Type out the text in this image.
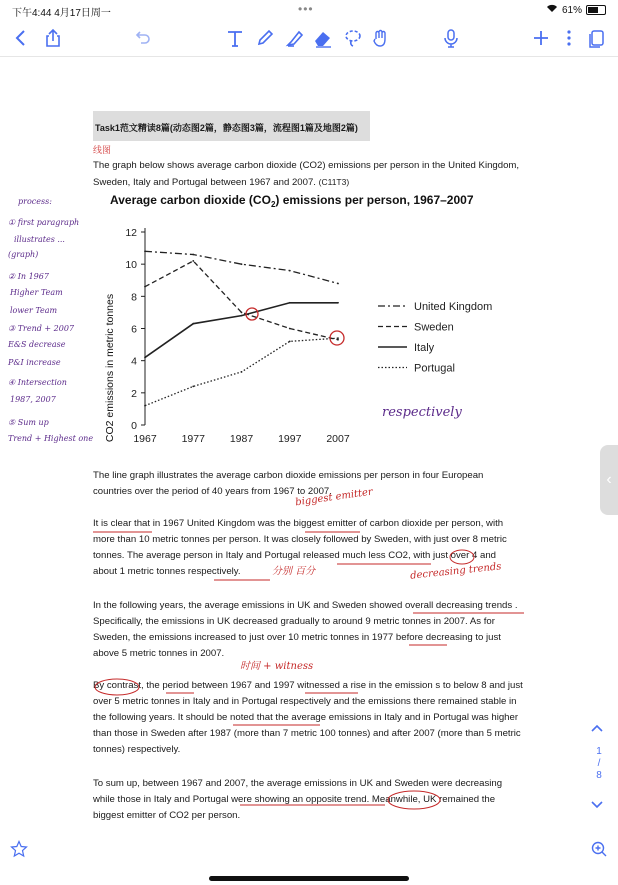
下午4:44 4月17日周一	•••	61%
Task1范文精读8篇(动态图2篇，静态图3篇，流程图1篇及地图2篇)
线图
The graph below shows average carbon dioxide (CO2) emissions per person in the United Kingdom, Sweden, Italy and Portugal between 1967 and 2007. (C11T3)
Average carbon dioxide $(CO_2)$ emissions per person, 1967–2007
0
2
4
6
8
10
12
1967 1977 1987 1997 2007
United Kingdom
Sweden
Italy
Portugal
CO2 emissions in metric tonnes	respectively
process:
① first paragraph
illustrates ...
(graph)
② In 1967
Higher Team
lower Team
③ Trend + 2007
E&S decrease
P&I increase
④ Intersection
1987, 2007
⑤ Sum up
Trend + Highest one
The line graph illustrates the average carbon dioxide emissions per person in four European countries over the period of 40 years from 1967 to 2007.
biggest emitter
It is clear that in 1967 United Kingdom was the biggest emitter of carbon dioxide per person, with more than 10 metric tonnes per person. It was closely followed by Sweden, with just over 8 metric tonnes. The average person in Italy and Portugal released much less CO2, with just over 4 and about 1 metric tonnes respectively.	分别 百分	decreasing trends
In the following years, the average emissions in UK and Sweden showed overall decreasing trends . Specifically, the emissions in UK decreased gradually to around 9 metric tonnes in 2007. As for Sweden, the emissions increased to just over 10 metric tonnes in 1977 before decreasing to just above 5 metric tonnes in 2007.
时间 + witness
By contrast, the period between 1967 and 1997 witnessed a rise in the emission s to below 8 and just over 5 metric tonnes in Italy and in Portugal respectively and the emissions there remained stable in the following years. It should be noted that the average emissions in Italy and in Portugal was higher than those in Sweden after 1987 (more than 7 metric 100 tonnes) and after 2007 (more than 5 metric tonnes) respectively.
To sum up, between 1967 and 2007, the average emissions in UK and Sweden were decreasing while those in Italy and Portugal were showing an opposite trend. Meanwhile, UK remained the biggest emitter of CO2 per person.
‹
1
/
8
